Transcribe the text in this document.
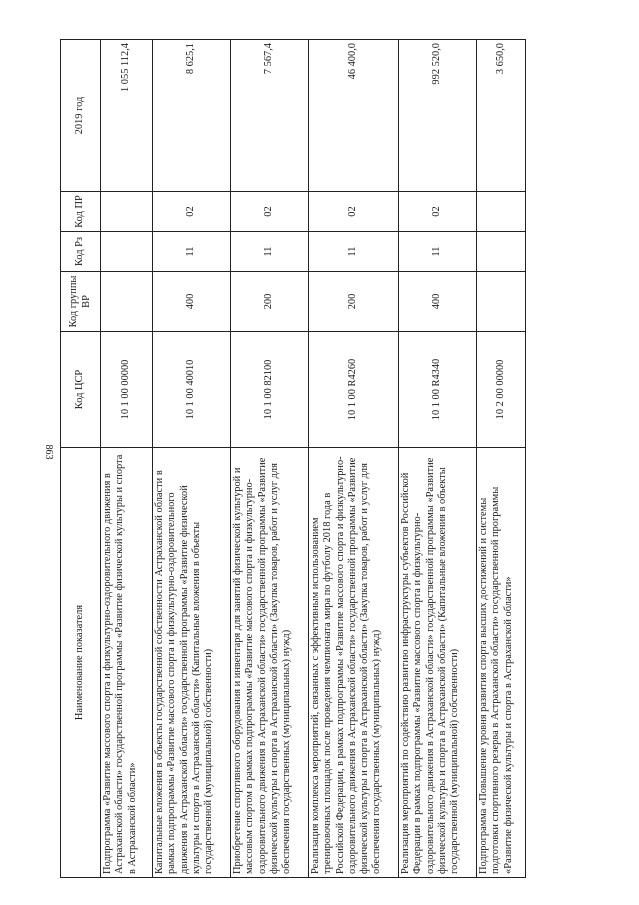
863
Наименование показателя	Код ЦСР	Код группы ВР	Код Рз	Код ПР	2019 год
Подпрограмма «Развитие массового спорта и физкультурно-оздоровительного движения в Астраханской области» государственной программы «Развитие физической культуры и спорта в Астраханской области»	10 1 00 00000				1 055 112,4
Капитальные вложения в объекты государственной собственности Астраханской области в рамках подпрограммы «Развитие массового спорта и физкультурно-оздоровительного движения в Астраханской области» государственной программы «Развитие физической культуры и спорта в Астраханской области» (Капитальные вложения в объекты государственной (муниципальной) собственности)	10 1 00 40010	400	11	02	8 625,1
Приобретение спортивного оборудования и инвентаря для занятий физической культурой и массовым спортом в рамках подпрограммы «Развитие массового спорта и физкультурно-оздоровительного движения в Астраханской области» государственной программы «Развитие физической культуры и спорта в Астраханской области» (Закупка товаров, работ и услуг для обеспечения государственных (муниципальных) нужд)	10 1 00 82100	200	11	02	7 567,4
Реализация комплекса мероприятий, связанных с эффективным использованием тренировочных площадок после проведения чемпионата мира по футболу 2018 года в Российской Федерации, в рамках подпрограммы «Развитие массового спорта и физкультурно-оздоровительного движения в Астраханской области» государственной программы «Развитие физической культуры и спорта в Астраханской области» (Закупка товаров, работ и услуг для обеспечения государственных (муниципальных) нужд)	10 1 00 R4260	200	11	02	46 400,0
Реализация мероприятий по содействию развитию инфраструктуры субъектов Российской Федерации в рамках подпрограммы «Развитие массового спорта и физкультурно-оздоровительного движения в Астраханской области» государственной программы «Развитие физической культуры и спорта в Астраханской области» (Капитальные вложения в объекты государственной (муниципальной) собственности)	10 1 00 R4340	400	11	02	992 520,0
Подпрограмма «Повышение уровня развития спорта высших достижений и системы подготовки спортивного резерва в Астраханской области» государственной программы «Развитие физической культуры и спорта в Астраханской области»	10 2 00 00000				3 650,0
